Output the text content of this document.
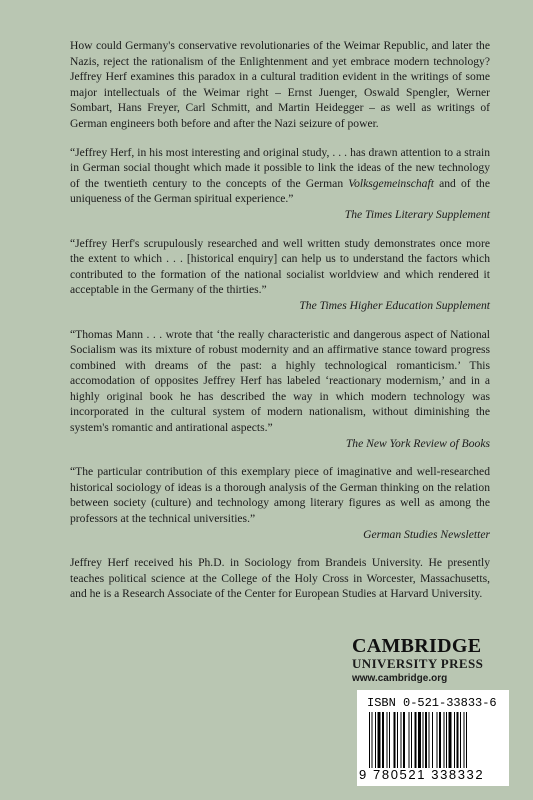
How could Germany's conservative revolutionaries of the Weimar Republic, and later the Nazis, reject the rationalism of the Enlightenment and yet embrace modern technology? Jeffrey Herf examines this paradox in a cultural tradition evident in the writings of some major intellectuals of the Weimar right – Ernst Juenger, Oswald Spengler, Werner Sombart, Hans Freyer, Carl Schmitt, and Martin Heidegger – as well as writings of German engineers both before and after the Nazi seizure of power.

“Jeffrey Herf, in his most interesting and original study, . . . has drawn attention to a strain in German social thought which made it possible to link the ideas of the new technology of the twentieth century to the concepts of the German Volksgemeinschaft and of the uniqueness of the German spiritual experience.”

The Times Literary Supplement

“Jeffrey Herf's scrupulously researched and well written study demonstrates once more the extent to which . . . [historical enquiry] can help us to understand the factors which contributed to the formation of the national socialist worldview and which rendered it acceptable in the Germany of the thirties.”

The Times Higher Education Supplement

“Thomas Mann . . . wrote that ‘the really characteristic and dangerous aspect of National Socialism was its mixture of robust modernity and an affirmative stance toward progress combined with dreams of the past: a highly technological romanticism.’ This accomodation of opposites Jeffrey Herf has labeled ‘reactionary modernism,’ and in a highly original book he has described the way in which modern technology was incorporated in the cultural system of modern nationalism, without diminishing the system's romantic and antirational aspects.”

The New York Review of Books

“The particular contribution of this exemplary piece of imaginative and well-researched historical sociology of ideas is a thorough analysis of the German thinking on the relation between society (culture) and technology among literary figures as well as among the professors at the technical universities.”

German Studies Newsletter

Jeffrey Herf received his Ph.D. in Sociology from Brandeis University. He presently teaches political science at the College of the Holy Cross in Worcester, Massachusetts, and he is a Research Associate of the Center for European Studies at Harvard University.

CAMBRIDGE
UNIVERSITY PRESS
www.cambridge.org
ISBN 0-521-33833-6
9 780521 338332
